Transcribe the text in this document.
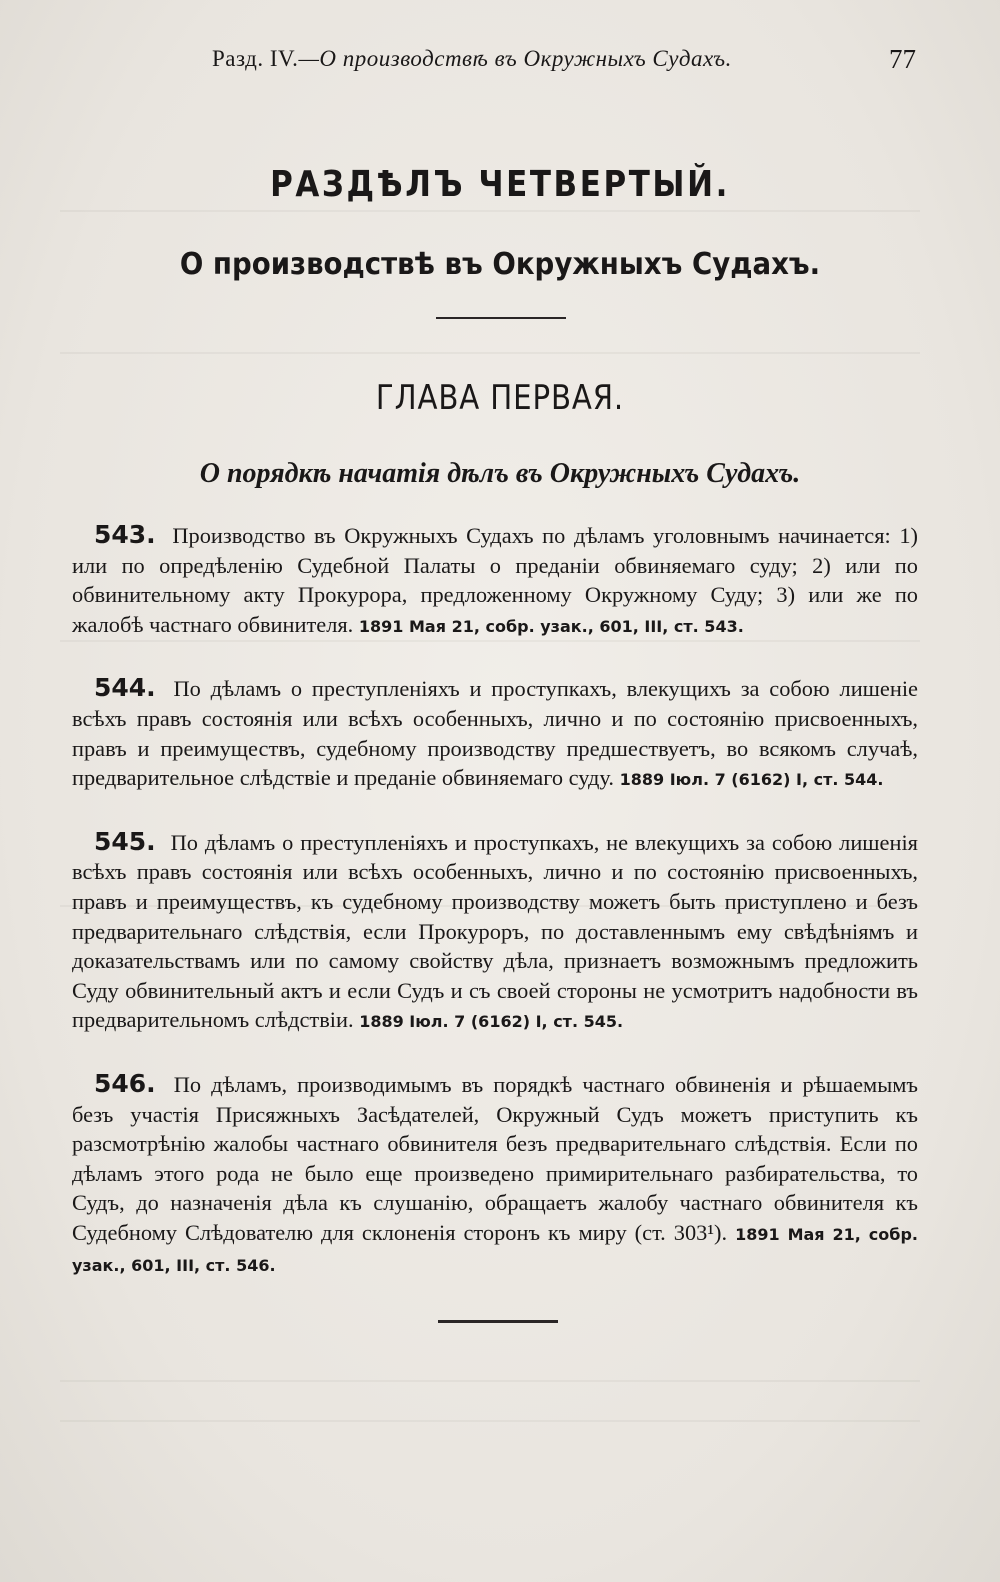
Разд. IV.—О производствѣ въ Окружныхъ Судахъ.	77
РАЗДѢЛЪ ЧЕТВЕРТЫЙ.
О производствѣ въ Окружныхъ Судахъ.
ГЛАВА ПЕРВАЯ.
О порядкѣ начатія дѣлъ въ Окружныхъ Судахъ.

543. Производство въ Окружныхъ Судахъ по дѣламъ уголовнымъ начинается: 1) или по опредѣленію Судебной Палаты о преданіи обвиняемаго суду; 2) или по обвинительному акту Прокурора, предложенному Окружному Суду; 3) или же по жалобѣ частнаго обвинителя. 1891 Мая 21, собр. узак., 601, III, ст. 543.

544. По дѣламъ о преступленіяхъ и проступкахъ, влекущихъ за собою лишеніе всѣхъ правъ состоянія или всѣхъ особенныхъ, лично и по состоянію присвоенныхъ, правъ и преимуществъ, судебному производству предшествуетъ, во всякомъ случаѣ, предварительное слѣдствіе и преданіе обвиняемаго суду. 1889 Іюл. 7 (6162) I, ст. 544.

545. По дѣламъ о преступленіяхъ и проступкахъ, не влекущихъ за собою лишенія всѣхъ правъ состоянія или всѣхъ особенныхъ, лично и по состоянію присвоенныхъ, правъ и преимуществъ, къ судебному производству можетъ быть приступлено и безъ предварительнаго слѣдствія, если Прокуроръ, по доставленнымъ ему свѣдѣніямъ и доказательствамъ или по самому свойству дѣла, признаетъ возможнымъ предложить Суду обвинительный актъ и если Судъ и съ своей стороны не усмотритъ надобности въ предварительномъ слѣдствіи. 1889 Іюл. 7 (6162) I, ст. 545.

546. По дѣламъ, производимымъ въ порядкѣ частнаго обвиненія и рѣшаемымъ безъ участія Присяжныхъ Засѣдателей, Окружный Судъ можетъ приступить къ разсмотрѣнію жалобы частнаго обвинителя безъ предварительнаго слѣдствія. Если по дѣламъ этого рода не было еще произведено примирительнаго разбирательства, то Судъ, до назначенія дѣла къ слушанію, обращаетъ жалобу частнаго обвинителя къ Судебному Слѣдователю для склоненія сторонъ къ миру (ст. 303¹). 1891 Мая 21, собр. узак., 601, III, ст. 546.
